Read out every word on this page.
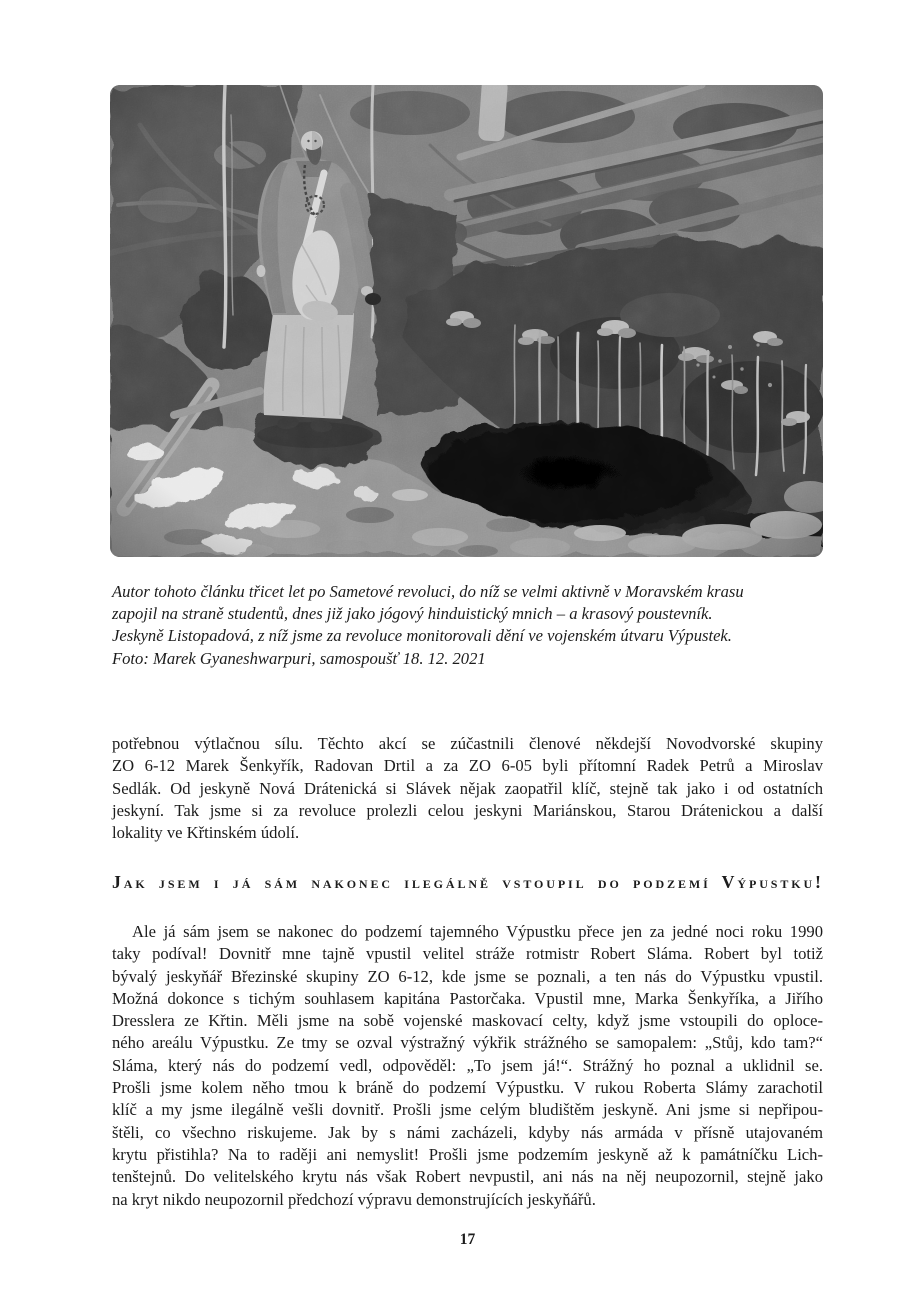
Autor tohoto článku třicet let po Sametové revoluci, do níž se velmi aktivně v Moravském krasu
zapojil na straně studentů, dnes již jako jógový hinduistický mnich – a krasový poustevník.
Jeskyně Listopadová, z níž jsme za revoluce monitorovali dění ve vojenském útvaru Výpustek.
Foto: Marek Gyaneshwarpuri, samospoušť 18. 12. 2021
potřebnou výtlačnou sílu. Těchto akcí se zúčastnili členové někdejší Novodvorské skupiny
ZO 6-12 Marek Šenkyřík, Radovan Drtil a za ZO 6-05 byli přítomní Radek Petrů a Miroslav
Sedlák. Od jeskyně Nová Drátenická si Slávek nějak zaopatřil klíč, stejně tak jako i od ostatních
jeskyní. Tak jsme si za revoluce prolezli celou jeskyni Mariánskou, Starou Drátenickou a další
lokality ve Křtinském údolí.
Jak jsem i já sám nakonec ilegálně vstoupil do podzemí Výpustku!
Ale já sám jsem se nakonec do podzemí tajemného Výpustku přece jen za jedné noci roku 1990
taky podíval! Dovnitř mne tajně vpustil velitel stráže rotmistr Robert Sláma. Robert byl totiž
bývalý jeskyňář Březinské skupiny ZO 6-12, kde jsme se poznali, a ten nás do Výpustku vpustil.
Možná dokonce s tichým souhlasem kapitána Pastorčaka. Vpustil mne, Marka Šenkyříka, a Jiřího
Dresslera ze Křtin. Měli jsme na sobě vojenské maskovací celty, když jsme vstoupili do oploce-
ného areálu Výpustku. Ze tmy se ozval výstražný výkřik strážného se samopalem: „Stůj, kdo tam?“
Sláma, který nás do podzemí vedl, odpověděl: „To jsem já!“. Strážný ho poznal a uklidnil se.
Prošli jsme kolem něho tmou k bráně do podzemí Výpustku. V rukou Roberta Slámy zarachotil
klíč a my jsme ilegálně vešli dovnitř. Prošli jsme celým bludištěm jeskyně. Ani jsme si nepřipou-
štěli, co všechno riskujeme. Jak by s námi zacházeli, kdyby nás armáda v přísně utajovaném
krytu přistihla? Na to raději ani nemyslit! Prošli jsme podzemím jeskyně až k památníčku Lich-
tenštejnů. Do velitelského krytu nás však Robert nevpustil, ani nás na něj neupozornil, stejně jako
na kryt nikdo neupozornil předchozí výpravu demonstrujících jeskyňářů.
17
